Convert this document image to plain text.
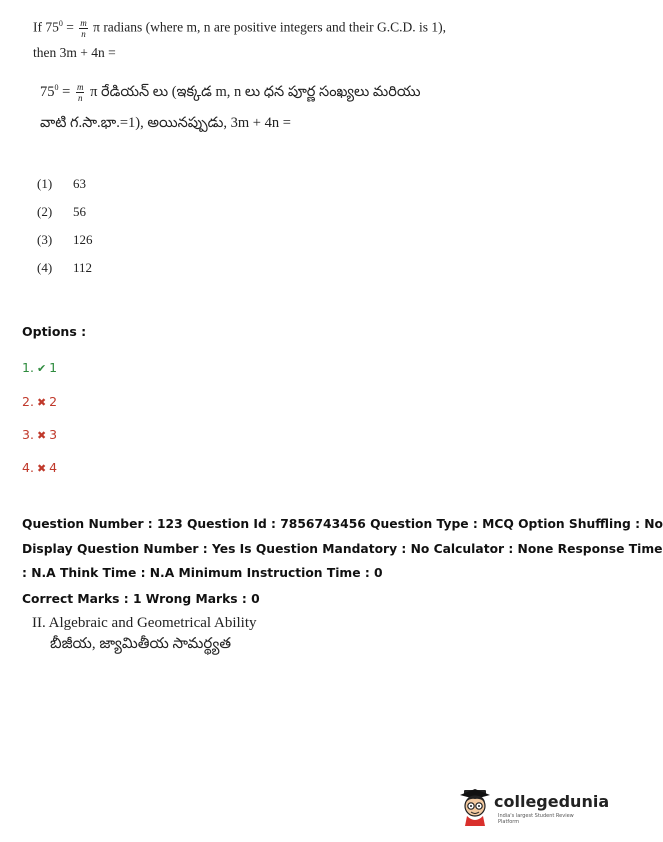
If $75^0 = \frac{m}{n}$ π radians (where m, n are positive integers and their G.C.D. is 1),
then 3m + 4n =
$75^0 = \frac{m}{n}$ π రేడియన్ లు (ఇక్కడ m, n లు ధన పూర్ణ సంఖ్యలు మరియు
వాటి గ.సా.భా.=1), అయినప్పుడు, 3m + 4n =
(1) 63
(2) 56
(3) 126
(4) 112
Options :
1. ✔ 1
2. ✖ 2
3. ✖ 3
4. ✖ 4
Question Number : 123 Question Id : 7856743456 Question Type : MCQ Option Shuffling : No
Display Question Number : Yes Is Question Mandatory : No Calculator : None Response Time
: N.A Think Time : N.A Minimum Instruction Time : 0
Correct Marks : 1 Wrong Marks : 0
II. Algebraic and Geometrical Ability
బీజీయ, జ్యామితీయ సామర్థ్యత
collegedunia
India's largest Student Review Platform
